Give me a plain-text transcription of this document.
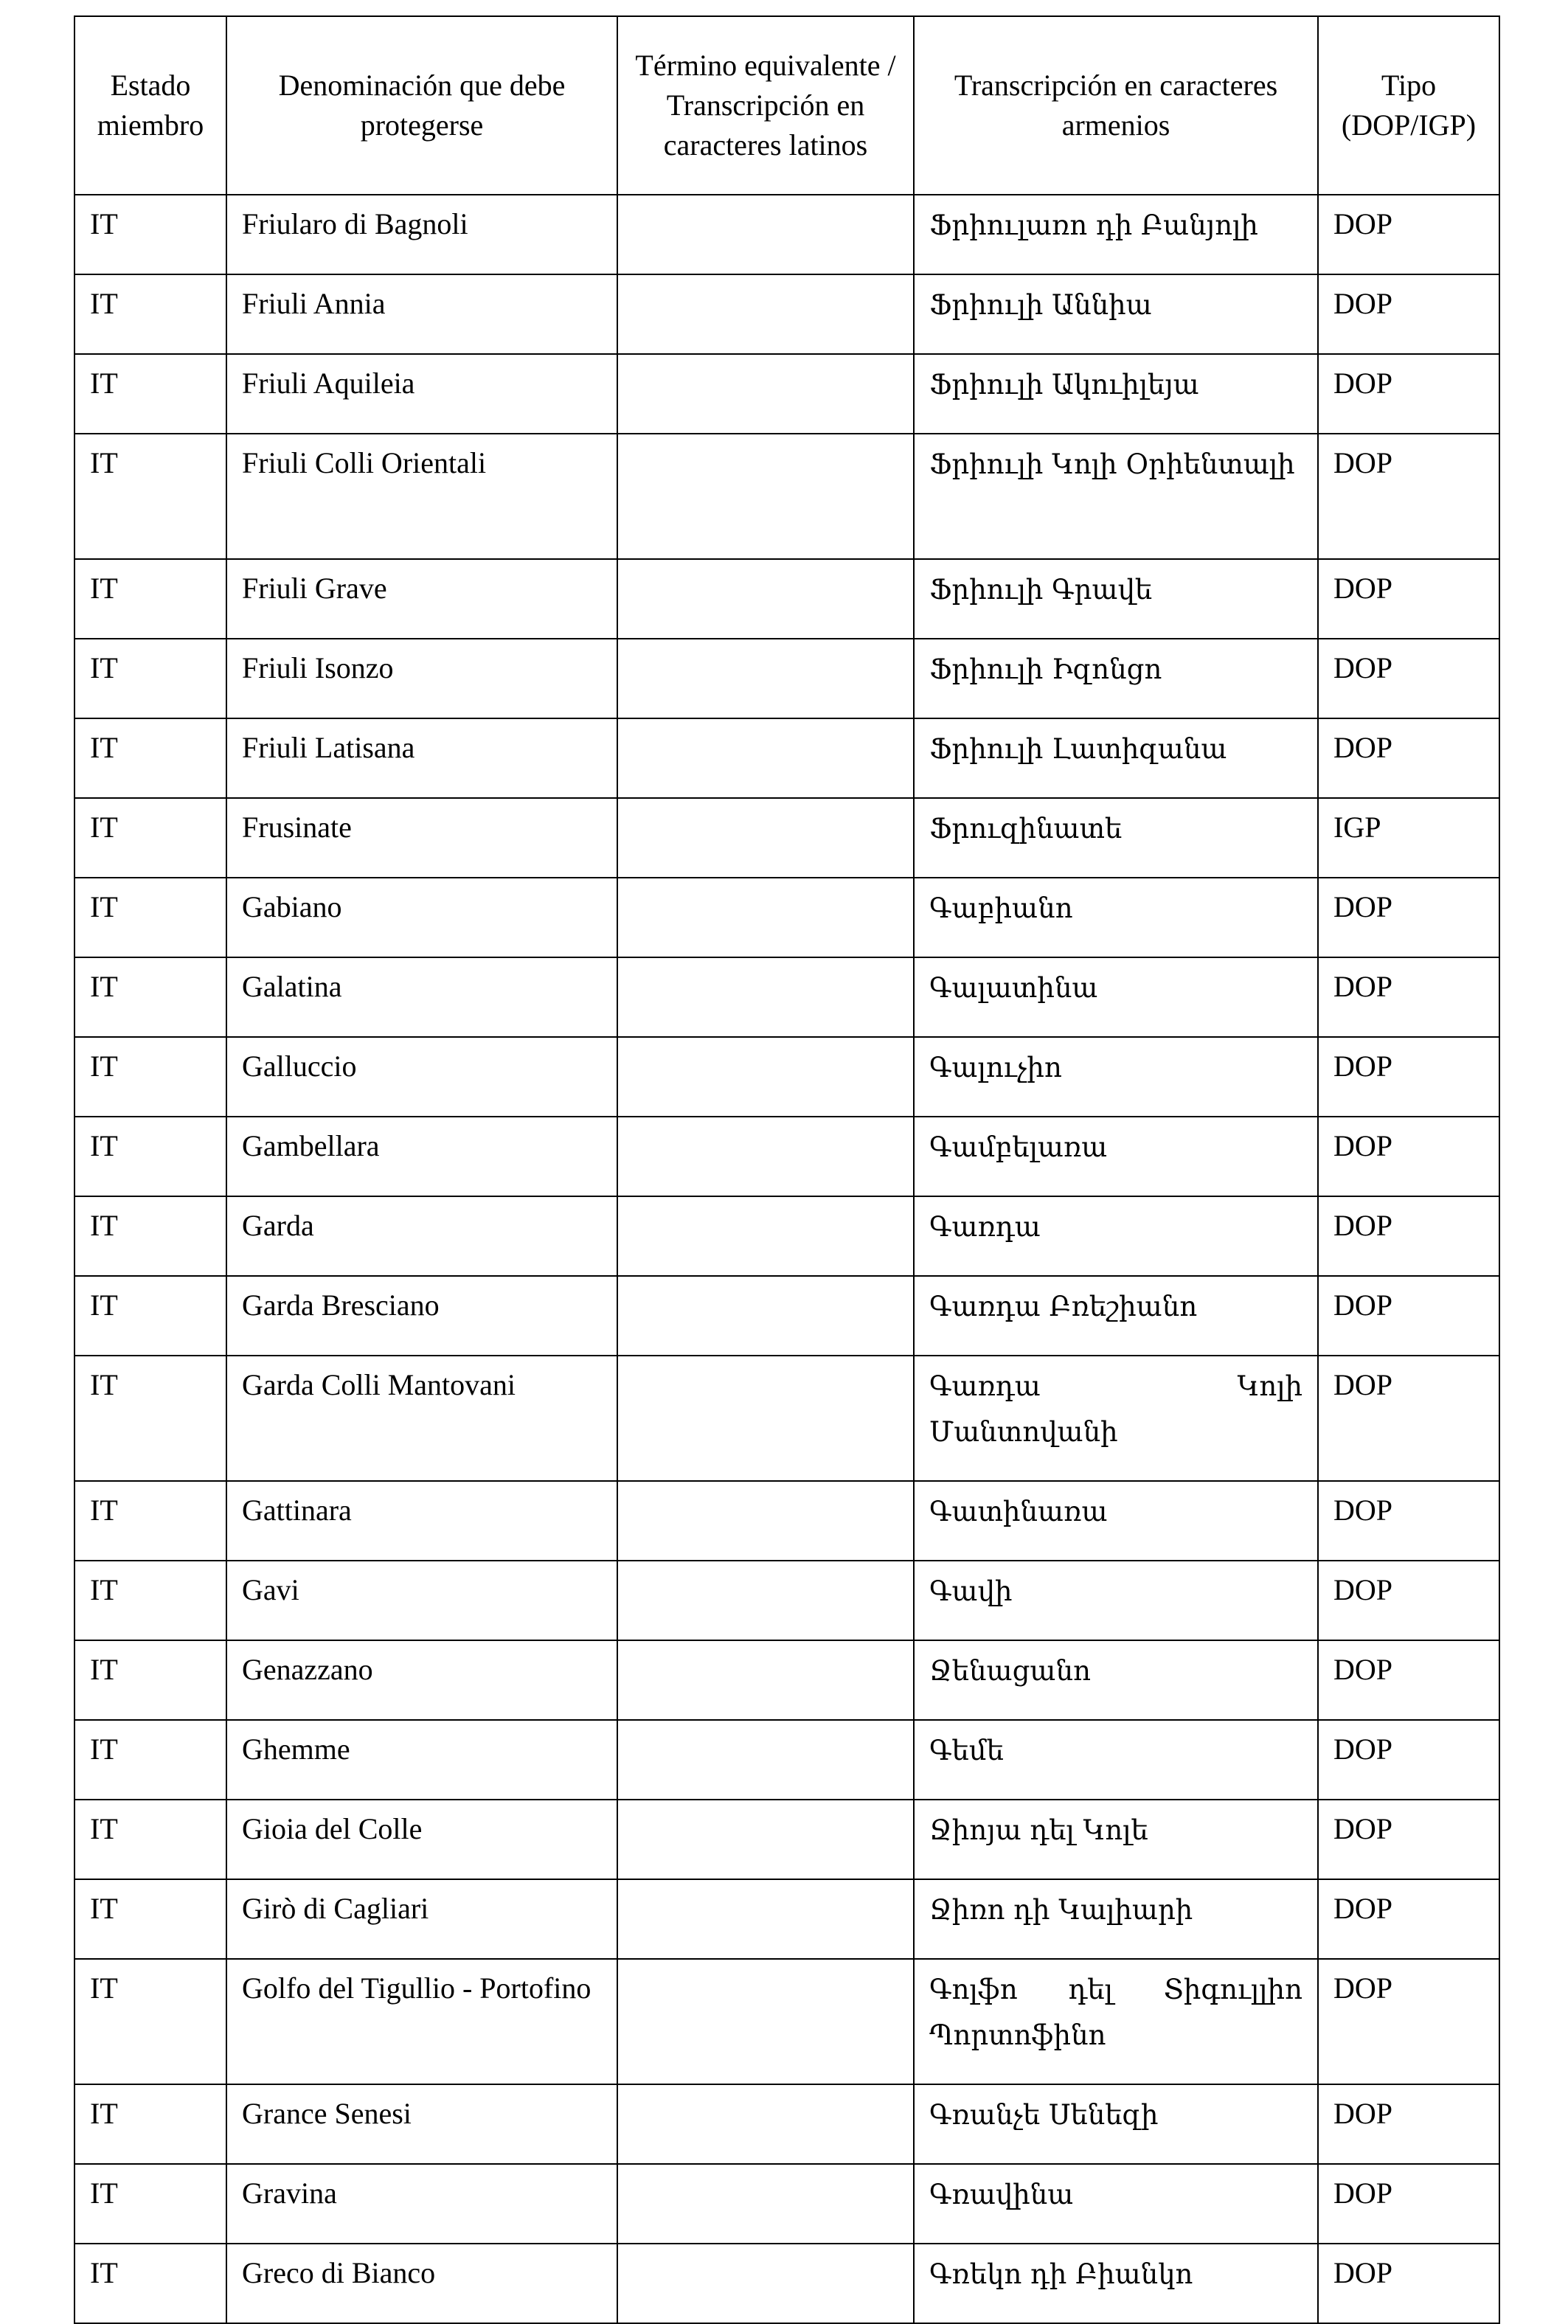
Estado miembro	Denominación que debe protegerse	Término equivalente / Transcripción en caracteres latinos	Transcripción en caracteres armenios	Tipo (DOP/IGP)
IT	Friularo di Bagnoli		Ֆրիուլառո դի Բանյոլի	DOP
IT	Friuli Annia		Ֆրիուլի Աննիա	DOP
IT	Friuli Aquileia		Ֆրիուլի Ակուիլեյա	DOP
IT	Friuli Colli Orientali		Ֆրիուլի Կոլի Օրիենտալի	DOP
IT	Friuli Grave		Ֆրիուլի Գրավե	DOP
IT	Friuli Isonzo		Ֆրիուլի Իզոնցո	DOP
IT	Friuli Latisana		Ֆրիուլի Լատիզանա	DOP
IT	Frusinate		Ֆրուզինատե	IGP
IT	Gabiano		Գաբիանո	DOP
IT	Galatina		Գալատինա	DOP
IT	Galluccio		Գալուչիո	DOP
IT	Gambellara		Գամբելառա	DOP
IT	Garda		Գառդա	DOP
IT	Garda Bresciano		Գառդա Բռեշիանո	DOP
IT	Garda Colli Mantovani		Գառդա Կոլի Մանտովանի	DOP
IT	Gattinara		Գատինառա	DOP
IT	Gavi		Գավի	DOP
IT	Genazzano		Ջենացանո	DOP
IT	Ghemme		Գեմե	DOP
IT	Gioia del Colle		Ջիոյա դել Կոլե	DOP
IT	Girò di Cagliari		Ջիռո դի Կալիարի	DOP
IT	Golfo del Tigullio - Portofino		Գոլֆո դել Տիգուլլիո Պորտոֆինո	DOP
IT	Grance Senesi		Գռանչե Սենեզի	DOP
IT	Gravina		Գռավինա	DOP
IT	Greco di Bianco		Գռեկո դի Բիանկո	DOP
